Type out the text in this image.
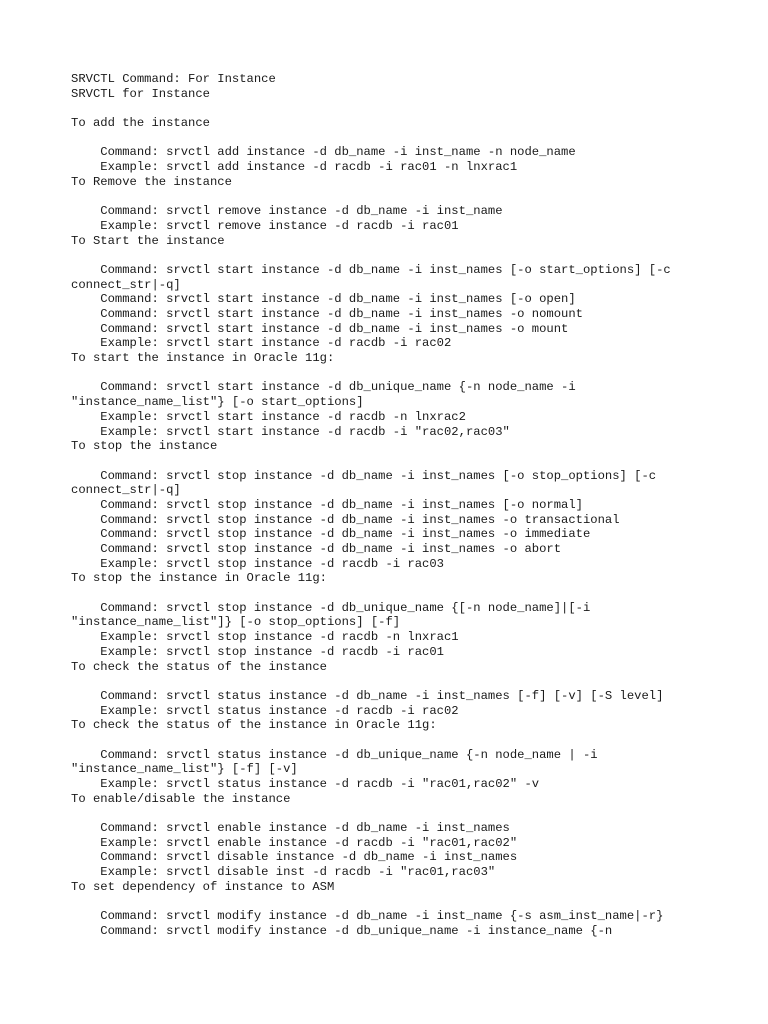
SRVCTL Command: For Instance
SRVCTL for Instance
To add the instance
Command: srvctl add instance -d db_name -i inst_name -n node_name
Example: srvctl add instance -d racdb -i rac01 -n lnxrac1
To Remove the instance
Command: srvctl remove instance -d db_name -i inst_name
Example: srvctl remove instance -d racdb -i rac01
To Start the instance
Command: srvctl start instance -d db_name -i inst_names [-o start_options] [-c
connect_str|-q]
Command: srvctl start instance -d db_name -i inst_names [-o open]
Command: srvctl start instance -d db_name -i inst_names -o nomount
Command: srvctl start instance -d db_name -i inst_names -o mount
Example: srvctl start instance -d racdb -i rac02
To start the instance in Oracle 11g:
Command: srvctl start instance -d db_unique_name {-n node_name -i
"instance_name_list"} [-o start_options]
Example: srvctl start instance -d racdb -n lnxrac2
Example: srvctl start instance -d racdb -i "rac02,rac03"
To stop the instance
Command: srvctl stop instance -d db_name -i inst_names [-o stop_options] [-c
connect_str|-q]
Command: srvctl stop instance -d db_name -i inst_names [-o normal]
Command: srvctl stop instance -d db_name -i inst_names -o transactional
Command: srvctl stop instance -d db_name -i inst_names -o immediate
Command: srvctl stop instance -d db_name -i inst_names -o abort
Example: srvctl stop instance -d racdb -i rac03
To stop the instance in Oracle 11g:
Command: srvctl stop instance -d db_unique_name {[-n node_name]|[-i
"instance_name_list"]} [-o stop_options] [-f]
Example: srvctl stop instance -d racdb -n lnxrac1
Example: srvctl stop instance -d racdb -i rac01
To check the status of the instance
Command: srvctl status instance -d db_name -i inst_names [-f] [-v] [-S level]
Example: srvctl status instance -d racdb -i rac02
To check the status of the instance in Oracle 11g:
Command: srvctl status instance -d db_unique_name {-n node_name | -i
"instance_name_list"} [-f] [-v]
Example: srvctl status instance -d racdb -i "rac01,rac02" -v
To enable/disable the instance
Command: srvctl enable instance -d db_name -i inst_names
Example: srvctl enable instance -d racdb -i "rac01,rac02"
Command: srvctl disable instance -d db_name -i inst_names
Example: srvctl disable inst -d racdb -i "rac01,rac03"
To set dependency of instance to ASM
Command: srvctl modify instance -d db_name -i inst_name {-s asm_inst_name|-r}
Command: srvctl modify instance -d db_unique_name -i instance_name {-n
